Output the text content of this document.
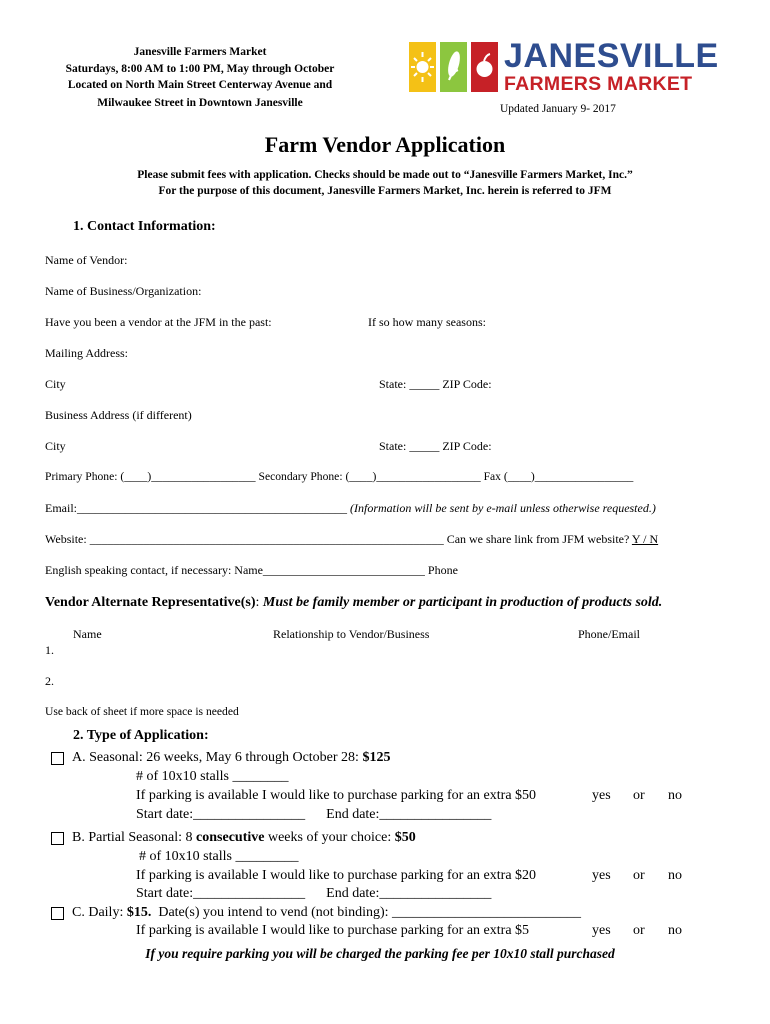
Janesville Farmers Market
Saturdays, 8:00 AM to 1:00 PM, May through October
Located on North Main Street Centerway Avenue and
Milwaukee Street in Downtown Janesville
JANESVILLE
FARMERS MARKET
Updated January 9- 2017
Farm Vendor Application
Please submit fees with application. Checks should be made out to “Janesville Farmers Market, Inc.”
For the purpose of this document, Janesville Farmers Market, Inc. herein is referred to JFM
1. Contact Information:
Name of Vendor:
Name of Business/Organization:
Have you been a vendor at the JFM in the past:	If so how many seasons:
Mailing Address:
City	State: _____ ZIP Code:
Business Address (if different)
City	State: _____ ZIP Code:
Primary Phone: (____)__________________ Secondary Phone: (____)__________________ Fax (____)_________________
Email:_____________________________________________ (Information will be sent by e-mail unless otherwise requested.)
Website: ___________________________________________________________ Can we share link from JFM website? Y / N
English speaking contact, if necessary: Name___________________________ Phone
Vendor Alternate Representative(s): Must be family member or participant in production of products sold.
Name	Relationship to Vendor/Business	Phone/Email
1.
2.
Use back of sheet if more space is needed
2. Type of Application:
A. Seasonal: 26 weeks, May 6 through October 28: $125
# of 10x10 stalls ________
If parking is available I would like to purchase parking for an extra $50	yes or no
Start date:________________      End date:________________
B. Partial Seasonal: 8 consecutive weeks of your choice: $50
# of 10x10 stalls _________
If parking is available I would like to purchase parking for an extra $20	yes or no
Start date:________________      End date:________________
C. Daily: $15.  Date(s) you intend to vend (not binding): ___________________________
If parking is available I would like to purchase parking for an extra $5	yes or no
If you require parking you will be charged the parking fee per 10x10 stall purchased
